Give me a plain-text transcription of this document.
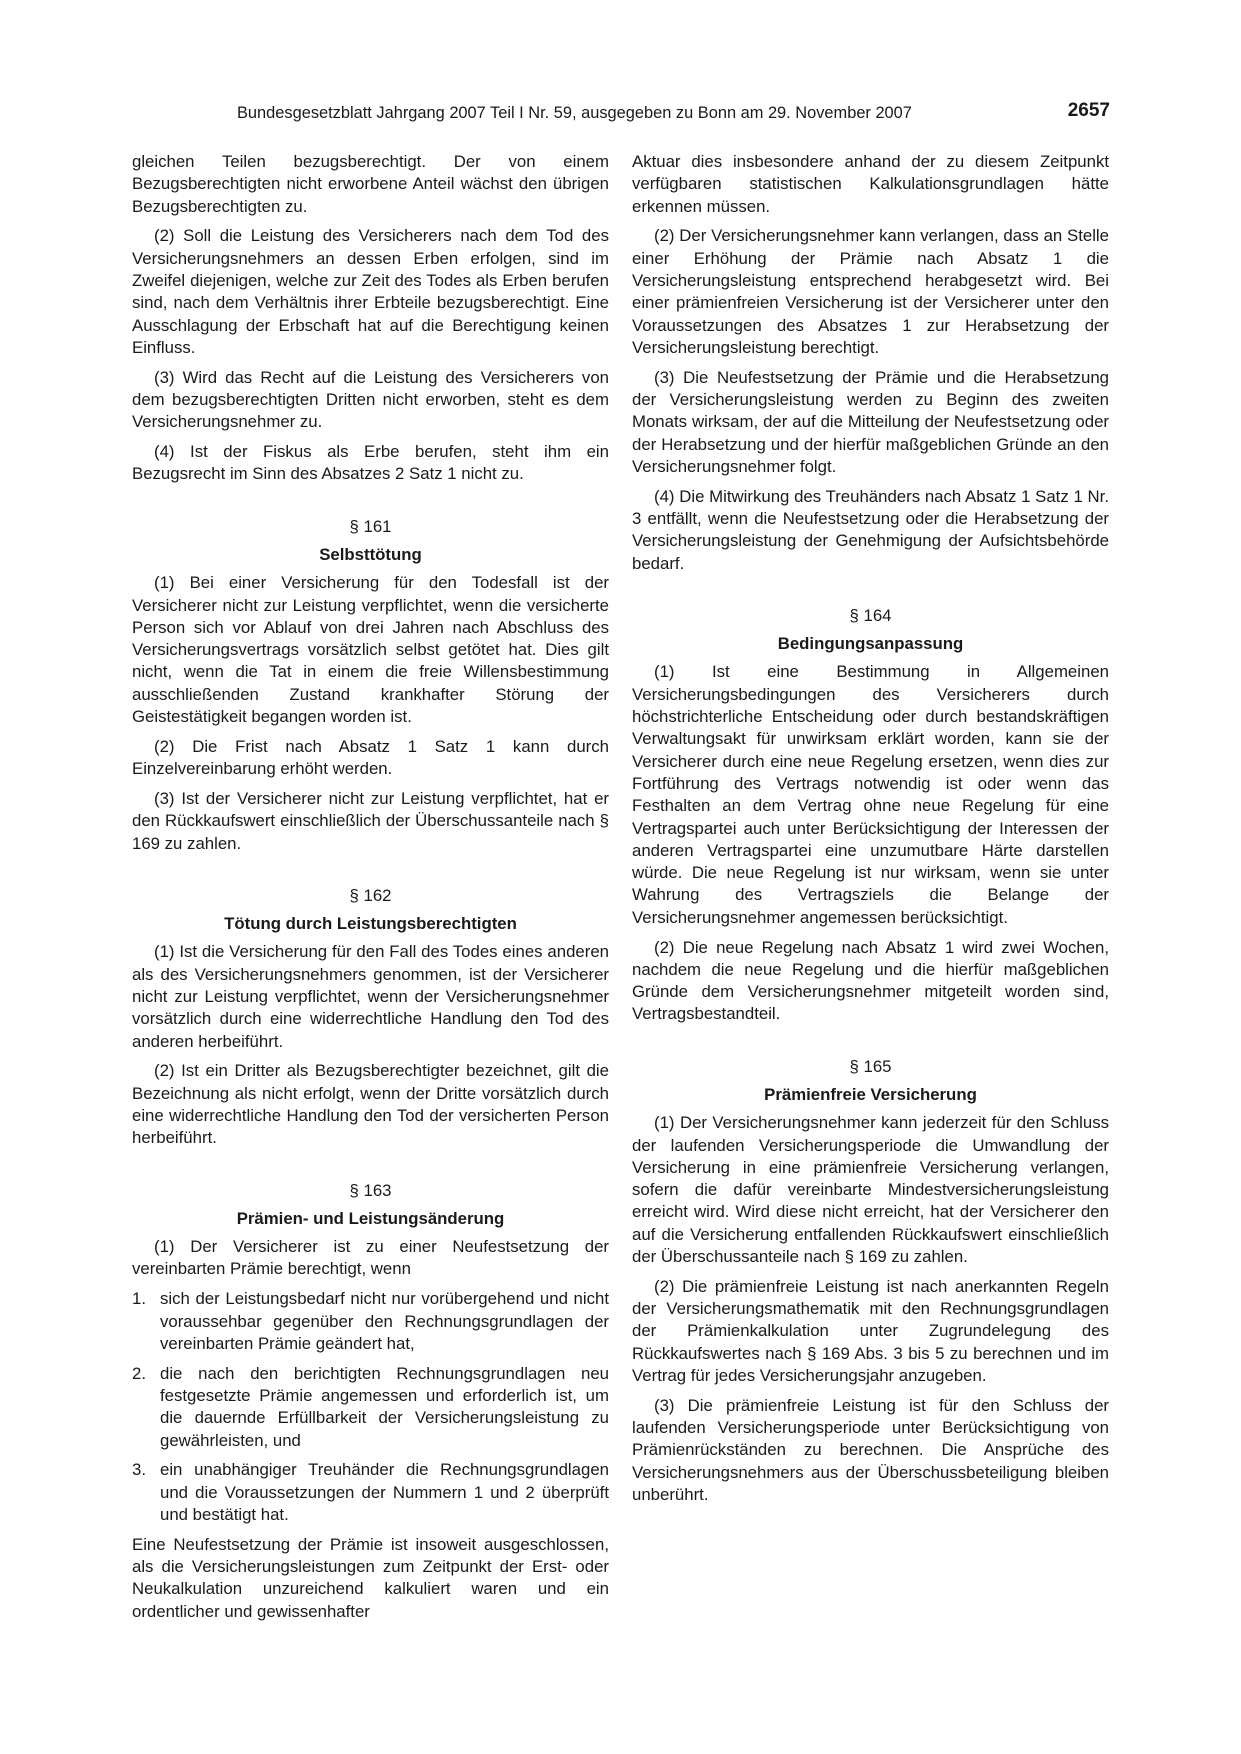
Bundesgesetzblatt Jahrgang 2007 Teil I Nr. 59, ausgegeben zu Bonn am 29. November 2007	2657

gleichen Teilen bezugsberechtigt. Der von einem Bezugsberechtigten nicht erworbene Anteil wächst den übrigen Bezugsberechtigten zu.

(2) Soll die Leistung des Versicherers nach dem Tod des Versicherungsnehmers an dessen Erben erfolgen, sind im Zweifel diejenigen, welche zur Zeit des Todes als Erben berufen sind, nach dem Verhältnis ihrer Erbteile bezugsberechtigt. Eine Ausschlagung der Erbschaft hat auf die Berechtigung keinen Einfluss.

(3) Wird das Recht auf die Leistung des Versicherers von dem bezugsberechtigten Dritten nicht erworben, steht es dem Versicherungsnehmer zu.

(4) Ist der Fiskus als Erbe berufen, steht ihm ein Bezugsrecht im Sinn des Absatzes 2 Satz 1 nicht zu.

§ 161
Selbsttötung

(1) Bei einer Versicherung für den Todesfall ist der Versicherer nicht zur Leistung verpflichtet, wenn die versicherte Person sich vor Ablauf von drei Jahren nach Abschluss des Versicherungsvertrags vorsätzlich selbst getötet hat. Dies gilt nicht, wenn die Tat in einem die freie Willensbestimmung ausschließenden Zustand krankhafter Störung der Geistestätigkeit begangen worden ist.

(2) Die Frist nach Absatz 1 Satz 1 kann durch Einzelvereinbarung erhöht werden.

(3) Ist der Versicherer nicht zur Leistung verpflichtet, hat er den Rückkaufswert einschließlich der Überschussanteile nach § 169 zu zahlen.

§ 162
Tötung durch Leistungsberechtigten

(1) Ist die Versicherung für den Fall des Todes eines anderen als des Versicherungsnehmers genommen, ist der Versicherer nicht zur Leistung verpflichtet, wenn der Versicherungsnehmer vorsätzlich durch eine widerrechtliche Handlung den Tod des anderen herbeiführt.

(2) Ist ein Dritter als Bezugsberechtigter bezeichnet, gilt die Bezeichnung als nicht erfolgt, wenn der Dritte vorsätzlich durch eine widerrechtliche Handlung den Tod der versicherten Person herbeiführt.

§ 163
Prämien- und Leistungsänderung

(1) Der Versicherer ist zu einer Neufestsetzung der vereinbarten Prämie berechtigt, wenn

1. sich der Leistungsbedarf nicht nur vorübergehend und nicht voraussehbar gegenüber den Rechnungsgrundlagen der vereinbarten Prämie geändert hat,
2. die nach den berichtigten Rechnungsgrundlagen neu festgesetzte Prämie angemessen und erforderlich ist, um die dauernde Erfüllbarkeit der Versicherungsleistung zu gewährleisten, und
3. ein unabhängiger Treuhänder die Rechnungsgrundlagen und die Voraussetzungen der Nummern 1 und 2 überprüft und bestätigt hat.

Eine Neufestsetzung der Prämie ist insoweit ausgeschlossen, als die Versicherungsleistungen zum Zeitpunkt der Erst- oder Neukalkulation unzureichend kalkuliert waren und ein ordentlicher und gewissenhafter

Aktuar dies insbesondere anhand der zu diesem Zeitpunkt verfügbaren statistischen Kalkulationsgrundlagen hätte erkennen müssen.

(2) Der Versicherungsnehmer kann verlangen, dass an Stelle einer Erhöhung der Prämie nach Absatz 1 die Versicherungsleistung entsprechend herabgesetzt wird. Bei einer prämienfreien Versicherung ist der Versicherer unter den Voraussetzungen des Absatzes 1 zur Herabsetzung der Versicherungsleistung berechtigt.

(3) Die Neufestsetzung der Prämie und die Herabsetzung der Versicherungsleistung werden zu Beginn des zweiten Monats wirksam, der auf die Mitteilung der Neufestsetzung oder der Herabsetzung und der hierfür maßgeblichen Gründe an den Versicherungsnehmer folgt.

(4) Die Mitwirkung des Treuhänders nach Absatz 1 Satz 1 Nr. 3 entfällt, wenn die Neufestsetzung oder die Herabsetzung der Versicherungsleistung der Genehmigung der Aufsichtsbehörde bedarf.

§ 164
Bedingungsanpassung

(1) Ist eine Bestimmung in Allgemeinen Versicherungsbedingungen des Versicherers durch höchstrichterliche Entscheidung oder durch bestandskräftigen Verwaltungsakt für unwirksam erklärt worden, kann sie der Versicherer durch eine neue Regelung ersetzen, wenn dies zur Fortführung des Vertrags notwendig ist oder wenn das Festhalten an dem Vertrag ohne neue Regelung für eine Vertragspartei auch unter Berücksichtigung der Interessen der anderen Vertragspartei eine unzumutbare Härte darstellen würde. Die neue Regelung ist nur wirksam, wenn sie unter Wahrung des Vertragsziels die Belange der Versicherungsnehmer angemessen berücksichtigt.

(2) Die neue Regelung nach Absatz 1 wird zwei Wochen, nachdem die neue Regelung und die hierfür maßgeblichen Gründe dem Versicherungsnehmer mitgeteilt worden sind, Vertragsbestandteil.

§ 165
Prämienfreie Versicherung

(1) Der Versicherungsnehmer kann jederzeit für den Schluss der laufenden Versicherungsperiode die Umwandlung der Versicherung in eine prämienfreie Versicherung verlangen, sofern die dafür vereinbarte Mindestversicherungsleistung erreicht wird. Wird diese nicht erreicht, hat der Versicherer den auf die Versicherung entfallenden Rückkaufswert einschließlich der Überschussanteile nach § 169 zu zahlen.

(2) Die prämienfreie Leistung ist nach anerkannten Regeln der Versicherungsmathematik mit den Rechnungsgrundlagen der Prämienkalkulation unter Zugrundelegung des Rückkaufswertes nach § 169 Abs. 3 bis 5 zu berechnen und im Vertrag für jedes Versicherungsjahr anzugeben.

(3) Die prämienfreie Leistung ist für den Schluss der laufenden Versicherungsperiode unter Berücksichtigung von Prämienrückständen zu berechnen. Die Ansprüche des Versicherungsnehmers aus der Überschussbeteiligung bleiben unberührt.
